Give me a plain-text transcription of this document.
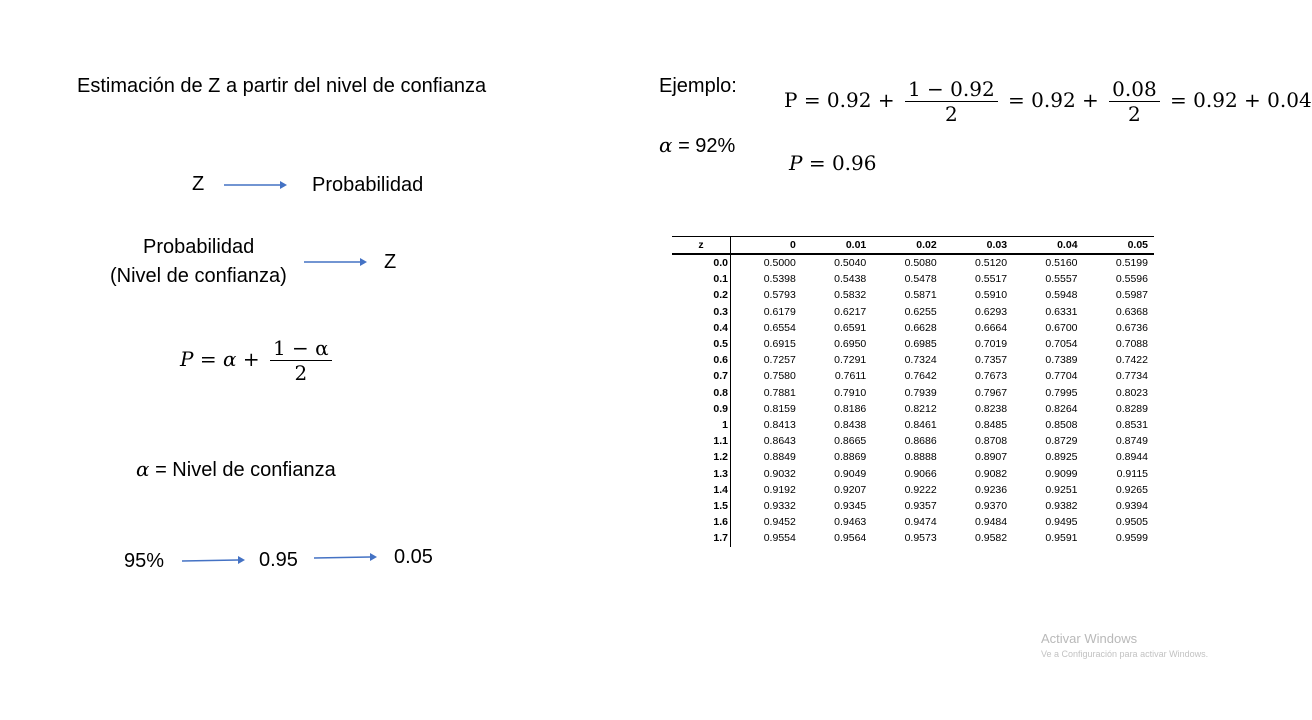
Estimación de Z a partir del nivel de confianza
Z	Probabilidad
Probabilidad
(Nivel de confianza)
Z
$P = \alpha + \frac{1 - \alpha}{2}$
α = Nivel de confianza
95%	0.95	0.05
Ejemplo:
α = 92%
$P = 0.92 + \frac{1 - 0.92}{2} = 0.92 + \frac{0.08}{2} = 0.92 + 0.04$
P = 0.96
z	0	0.01	0.02	0.03	0.04	0.05
0.0	0.5000	0.5040	0.5080	0.5120	0.5160	0.5199
0.1	0.5398	0.5438	0.5478	0.5517	0.5557	0.5596
0.2	0.5793	0.5832	0.5871	0.5910	0.5948	0.5987
0.3	0.6179	0.6217	0.6255	0.6293	0.6331	0.6368
0.4	0.6554	0.6591	0.6628	0.6664	0.6700	0.6736
0.5	0.6915	0.6950	0.6985	0.7019	0.7054	0.7088
0.6	0.7257	0.7291	0.7324	0.7357	0.7389	0.7422
0.7	0.7580	0.7611	0.7642	0.7673	0.7704	0.7734
0.8	0.7881	0.7910	0.7939	0.7967	0.7995	0.8023
0.9	0.8159	0.8186	0.8212	0.8238	0.8264	0.8289
1	0.8413	0.8438	0.8461	0.8485	0.8508	0.8531
1.1	0.8643	0.8665	0.8686	0.8708	0.8729	0.8749
1.2	0.8849	0.8869	0.8888	0.8907	0.8925	0.8944
1.3	0.9032	0.9049	0.9066	0.9082	0.9099	0.9115
1.4	0.9192	0.9207	0.9222	0.9236	0.9251	0.9265
1.5	0.9332	0.9345	0.9357	0.9370	0.9382	0.9394
1.6	0.9452	0.9463	0.9474	0.9484	0.9495	0.9505
1.7	0.9554	0.9564	0.9573	0.9582	0.9591	0.9599
Activar Windows
Ve a Configuración para activar Windows.
